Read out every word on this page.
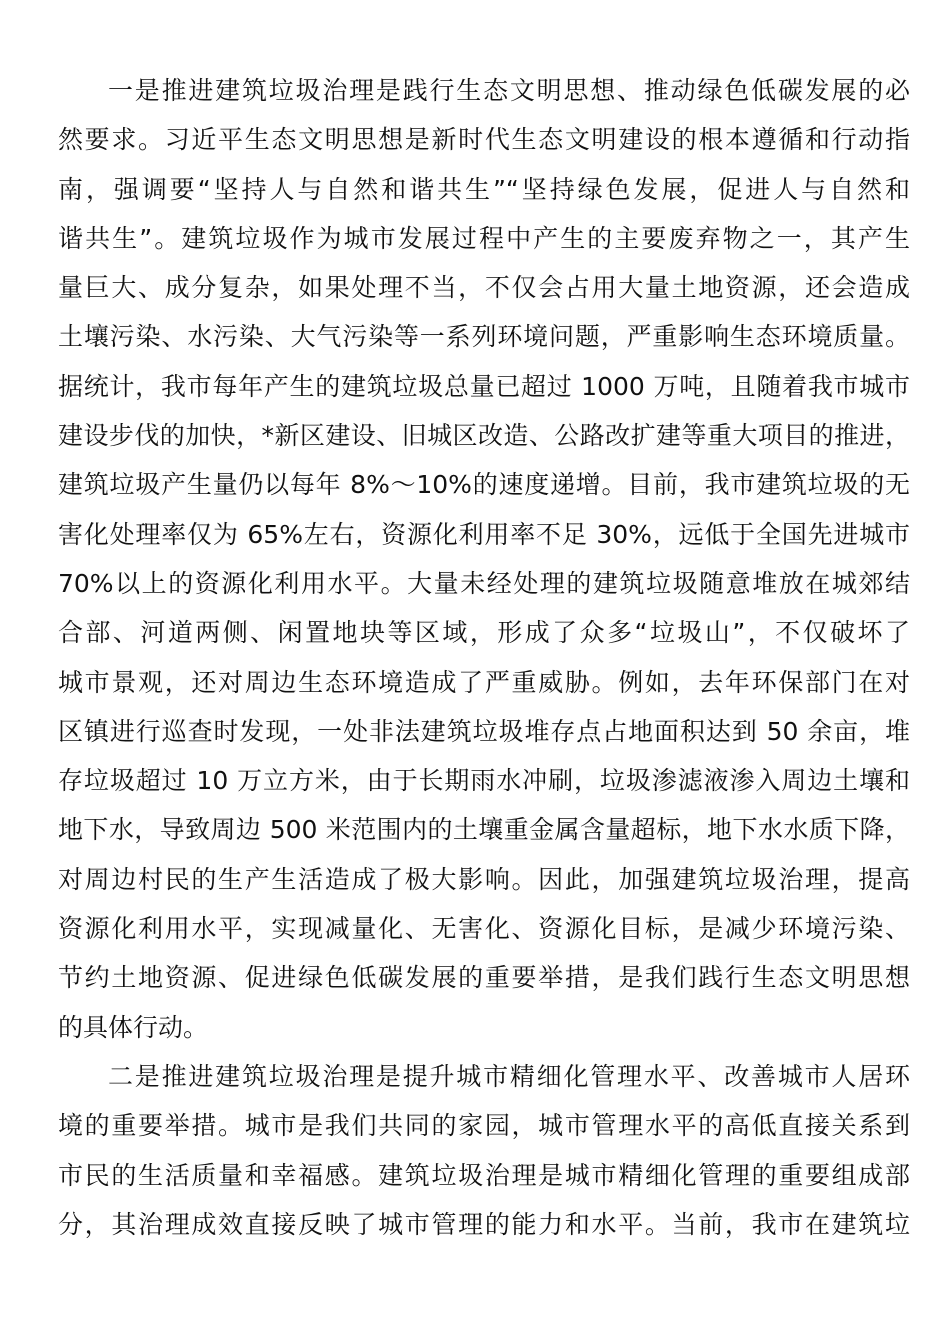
一是推进建筑垃圾治理是践行生态文明思想、推动绿色低碳发展的必
然要求。习近平生态文明思想是新时代生态文明建设的根本遵循和行动指
南，强调要“坚持人与自然和谐共生”“坚持绿色发展，促进人与自然和
谐共生”。建筑垃圾作为城市发展过程中产生的主要废弃物之一，其产生
量巨大、成分复杂，如果处理不当，不仅会占用大量土地资源，还会造成
土壤污染、水污染、大气污染等一系列环境问题，严重影响生态环境质量。
据统计，我市每年产生的建筑垃圾总量已超过 1000 万吨，且随着我市城市
建设步伐的加快，*新区建设、旧城区改造、公路改扩建等重大项目的推进，
建筑垃圾产生量仍以每年 8%～10%的速度递增。目前，我市建筑垃圾的无
害化处理率仅为 65%左右，资源化利用率不足 30%，远低于全国先进城市
70%以上的资源化利用水平。大量未经处理的建筑垃圾随意堆放在城郊结
合部、河道两侧、闲置地块等区域，形成了众多“垃圾山”，不仅破坏了
城市景观，还对周边生态环境造成了严重威胁。例如，去年环保部门在对
区镇进行巡查时发现，一处非法建筑垃圾堆存点占地面积达到 50 余亩，堆
存垃圾超过 10 万立方米，由于长期雨水冲刷，垃圾渗滤液渗入周边土壤和
地下水，导致周边 500 米范围内的土壤重金属含量超标，地下水水质下降，
对周边村民的生产生活造成了极大影响。因此，加强建筑垃圾治理，提高
资源化利用水平，实现减量化、无害化、资源化目标，是减少环境污染、
节约土地资源、促进绿色低碳发展的重要举措，是我们践行生态文明思想
的具体行动。
二是推进建筑垃圾治理是提升城市精细化管理水平、改善城市人居环
境的重要举措。城市是我们共同的家园，城市管理水平的高低直接关系到
市民的生活质量和幸福感。建筑垃圾治理是城市精细化管理的重要组成部
分，其治理成效直接反映了城市管理的能力和水平。当前，我市在建筑垃
